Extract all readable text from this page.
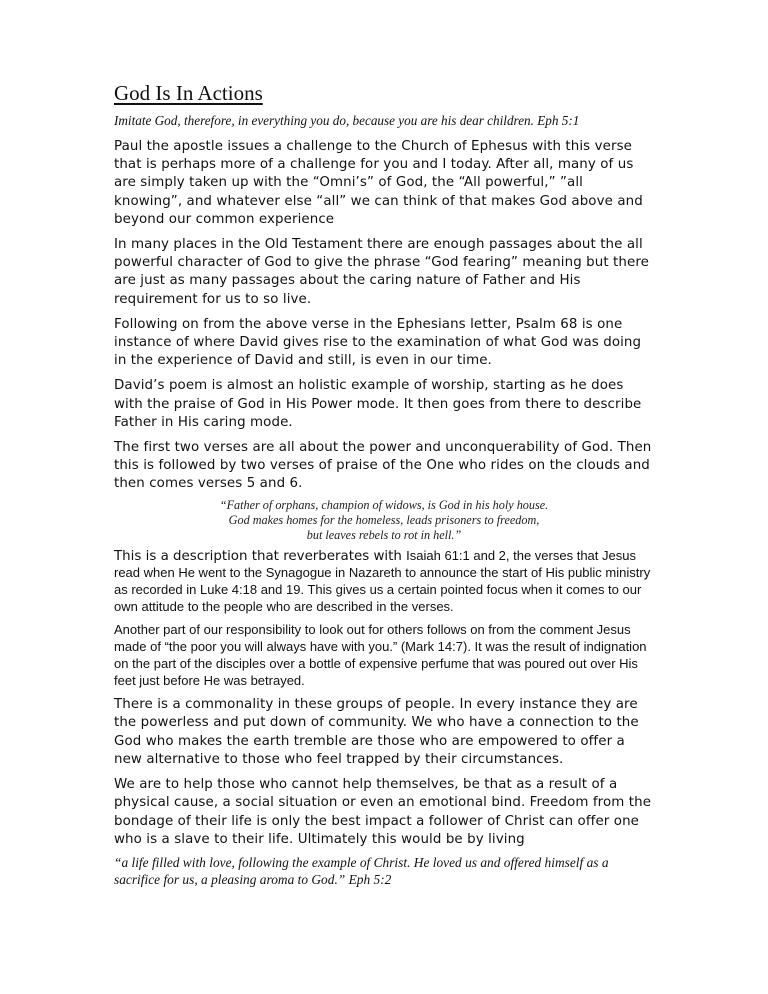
God Is In Actions

Imitate God, therefore, in everything you do, because you are his dear children. Eph 5:1

Paul the apostle issues a challenge to the Church of Ephesus with this verse that is perhaps more of a challenge for you and I today. After all, many of us are simply taken up with the “Omni’s” of God, the “All powerful,” ”all knowing”, and whatever else “all” we can think of that makes God above and beyond our common experience

In many places in the Old Testament there are enough passages about the all powerful character of God to give the phrase “God fearing” meaning but there are just as many passages about the caring nature of Father and His requirement for us to so live.

Following on from the above verse in the Ephesians letter, Psalm 68 is one instance of where David gives rise to the examination of what God was doing in the experience of David and still, is even in our time.

David’s poem is almost an holistic example of worship, starting as he does with the praise of God in His Power mode. It then goes from there to describe Father in His caring mode.

The first two verses are all about the power and unconquerability of God. Then this is followed by two verses of praise of the One who rides on the clouds and then comes verses 5 and 6.

“Father of orphans, champion of widows, is God in his holy house.
God makes homes for the homeless, leads prisoners to freedom,
but leaves rebels to rot in hell.”

This is a description that reverberates with Isaiah 61:1 and 2, the verses that Jesus read when He went to the Synagogue in Nazareth to announce the start of His public ministry as recorded in Luke 4:18 and 19. This gives us a certain pointed focus when it comes to our own attitude to the people who are described in the verses.

Another part of our responsibility to look out for others follows on from the comment Jesus made of “the poor you will always have with you.” (Mark 14:7). It was the result of indignation on the part of the disciples over a bottle of expensive perfume that was poured out over His feet just before He was betrayed.

There is a commonality in these groups of people. In every instance they are the powerless and put down of community. We who have a connection to the God who makes the earth tremble are those who are empowered to offer a new alternative to those who feel trapped by their circumstances.

We are to help those who cannot help themselves, be that as a result of a physical cause, a social situation or even an emotional bind. Freedom from the bondage of their life is only the best impact a follower of Christ can offer one who is a slave to their life. Ultimately this would be by living

“a life filled with love, following the example of Christ. He loved us and offered himself as a sacrifice for us, a pleasing aroma to God.” Eph 5:2
